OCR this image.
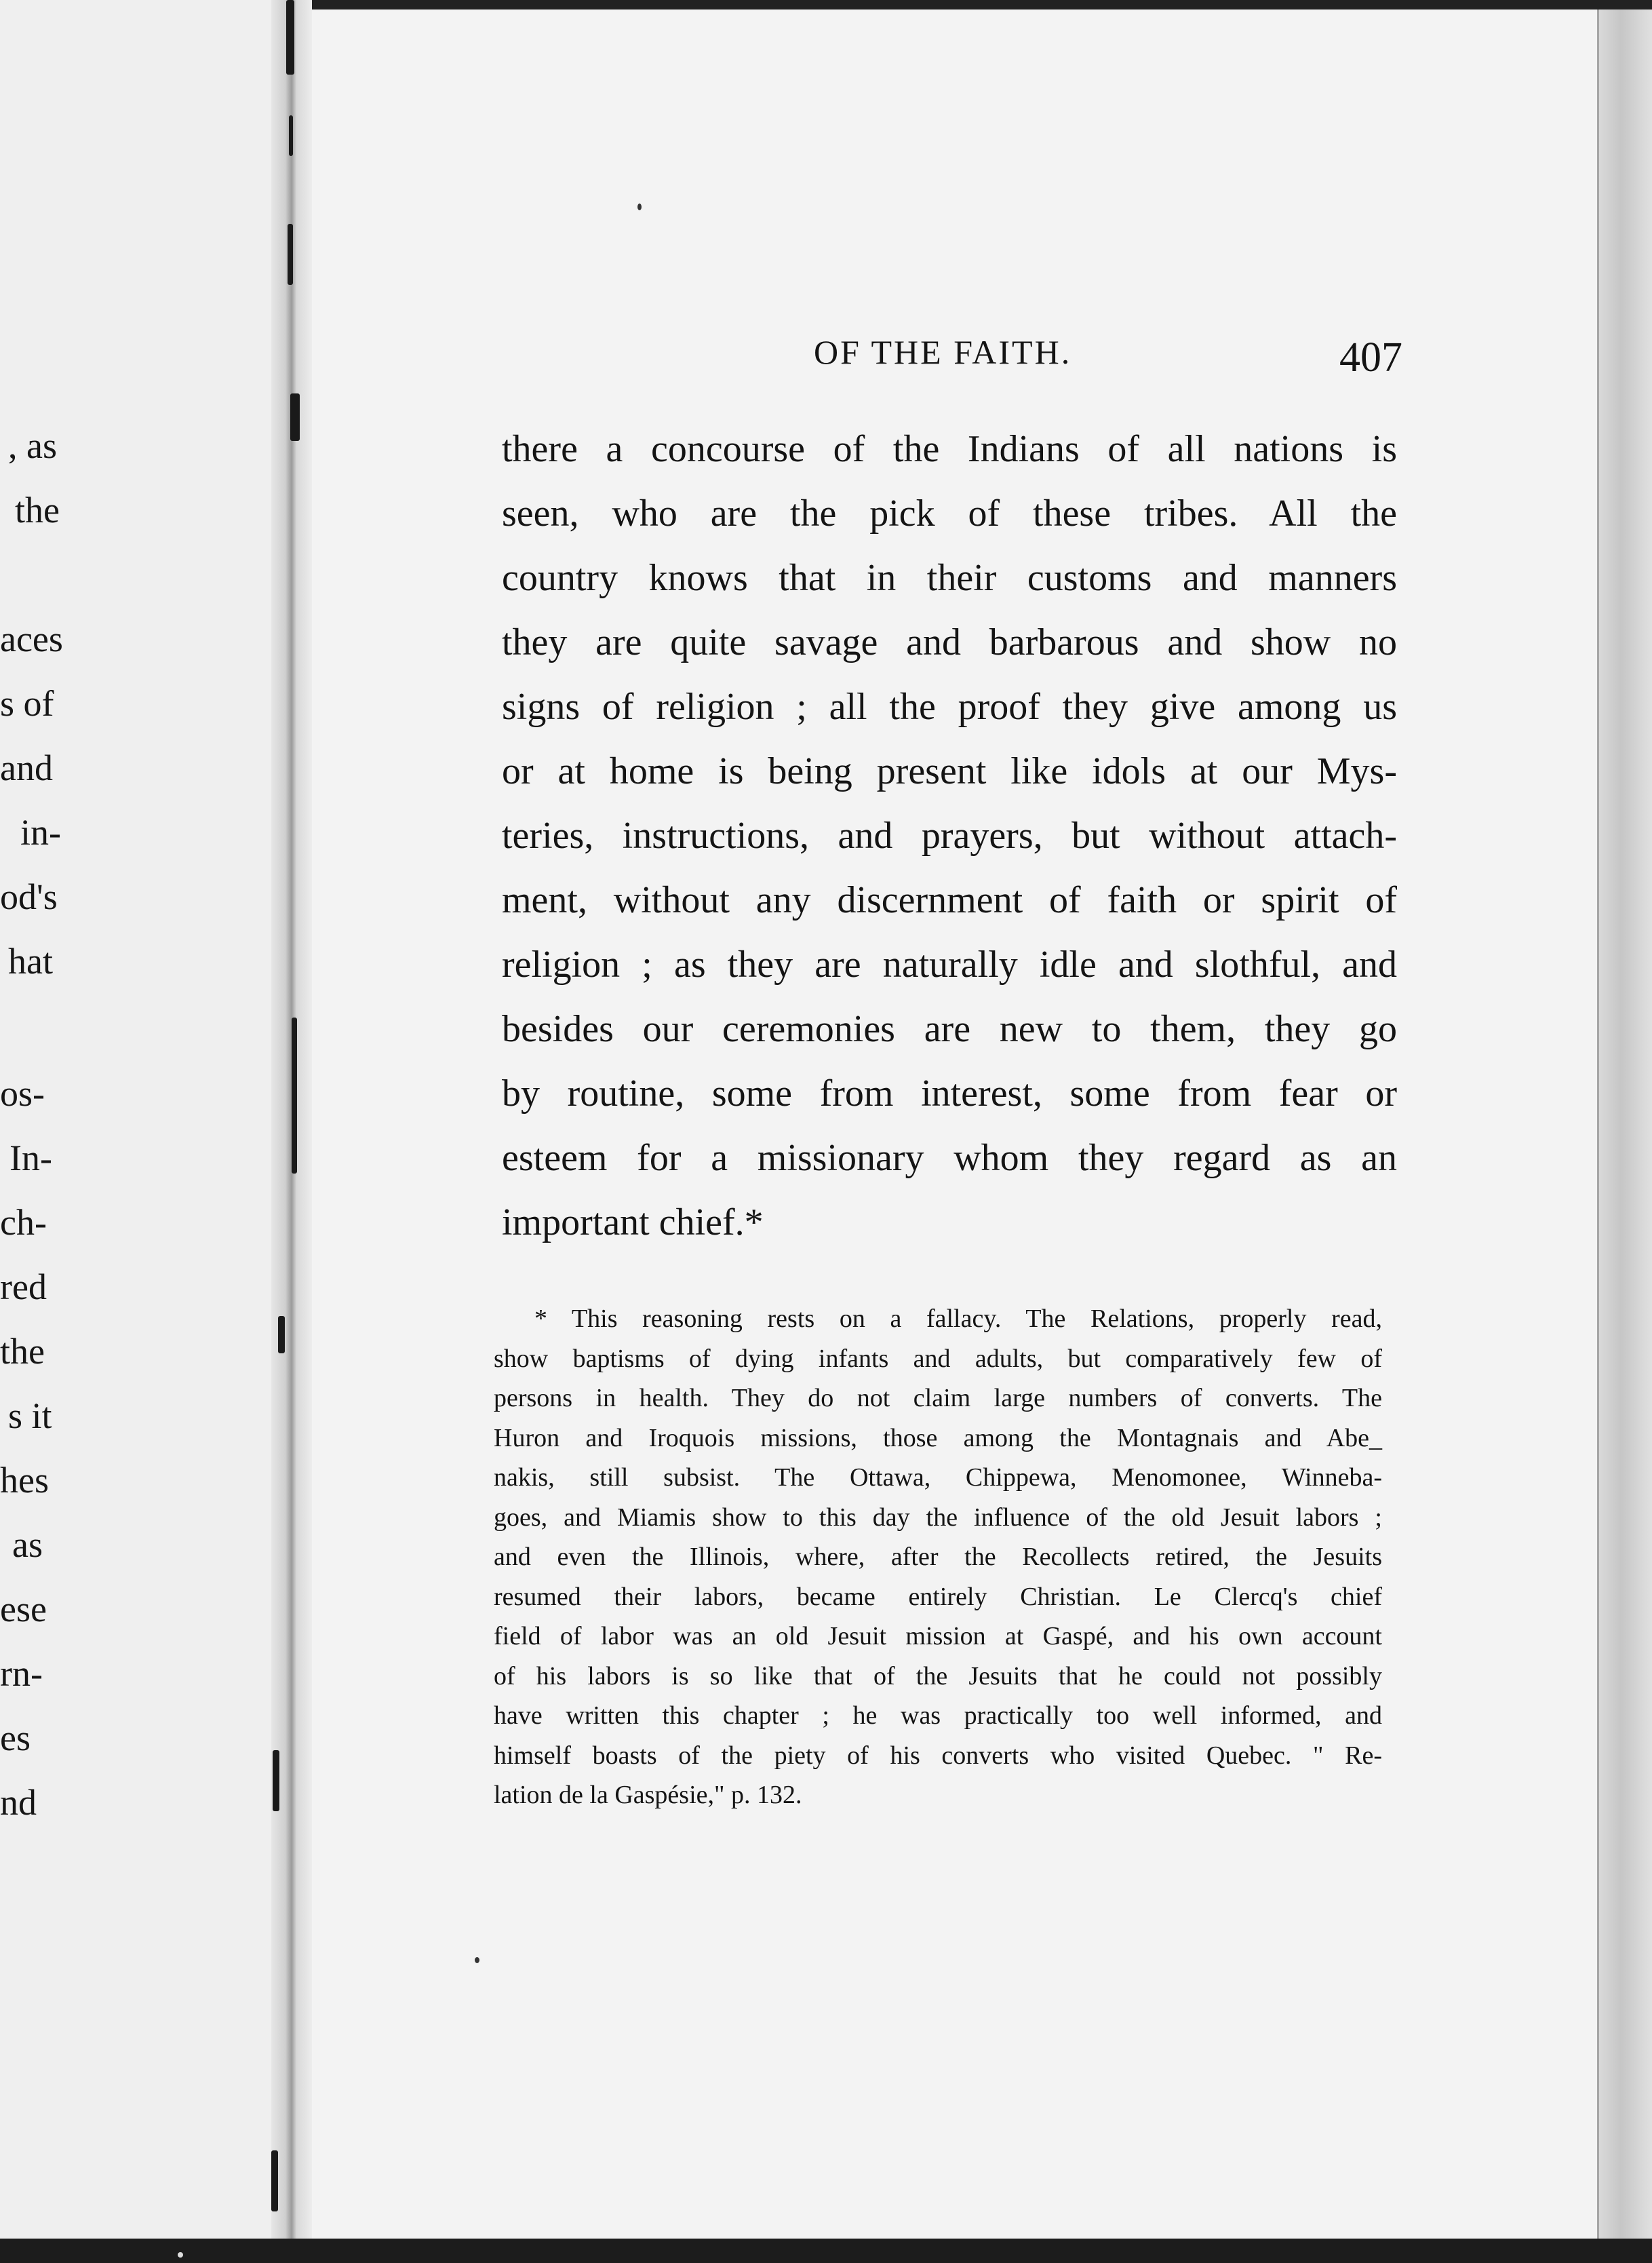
, as
the
aces
s of
and
in-
od's
hat
os-
In-
ch-
red
the
s it
hes
as
ese
rn-
es
nd
OF THE FAITH.	407
there a concourse of the Indians of all nations is
seen, who are the pick of these tribes. All the
country knows that in their customs and manners
they are quite savage and barbarous and show no
signs of religion ; all the proof they give among us
or at home is being present like idols at our Mys-
teries, instructions, and prayers, but without attach-
ment, without any discernment of faith or spirit of
religion ; as they are naturally idle and slothful, and
besides our ceremonies are new to them, they go
by routine, some from interest, some from fear or
esteem for a missionary whom they regard as an
important chief.*
* This reasoning rests on a fallacy. The Relations, properly read,
show baptisms of dying infants and adults, but comparatively few of
persons in health. They do not claim large numbers of converts. The
Huron and Iroquois missions, those among the Montagnais and Abe_
nakis, still subsist. The Ottawa, Chippewa, Menomonee, Winneba-
goes, and Miamis show to this day the influence of the old Jesuit labors ;
and even the Illinois, where, after the Recollects retired, the Jesuits
resumed their labors, became entirely Christian. Le Clercq's chief
field of labor was an old Jesuit mission at Gaspé, and his own account
of his labors is so like that of the Jesuits that he could not possibly
have written this chapter ; he was practically too well informed, and
himself boasts of the piety of his converts who visited Quebec. " Re-
lation de la Gaspésie," p. 132.
